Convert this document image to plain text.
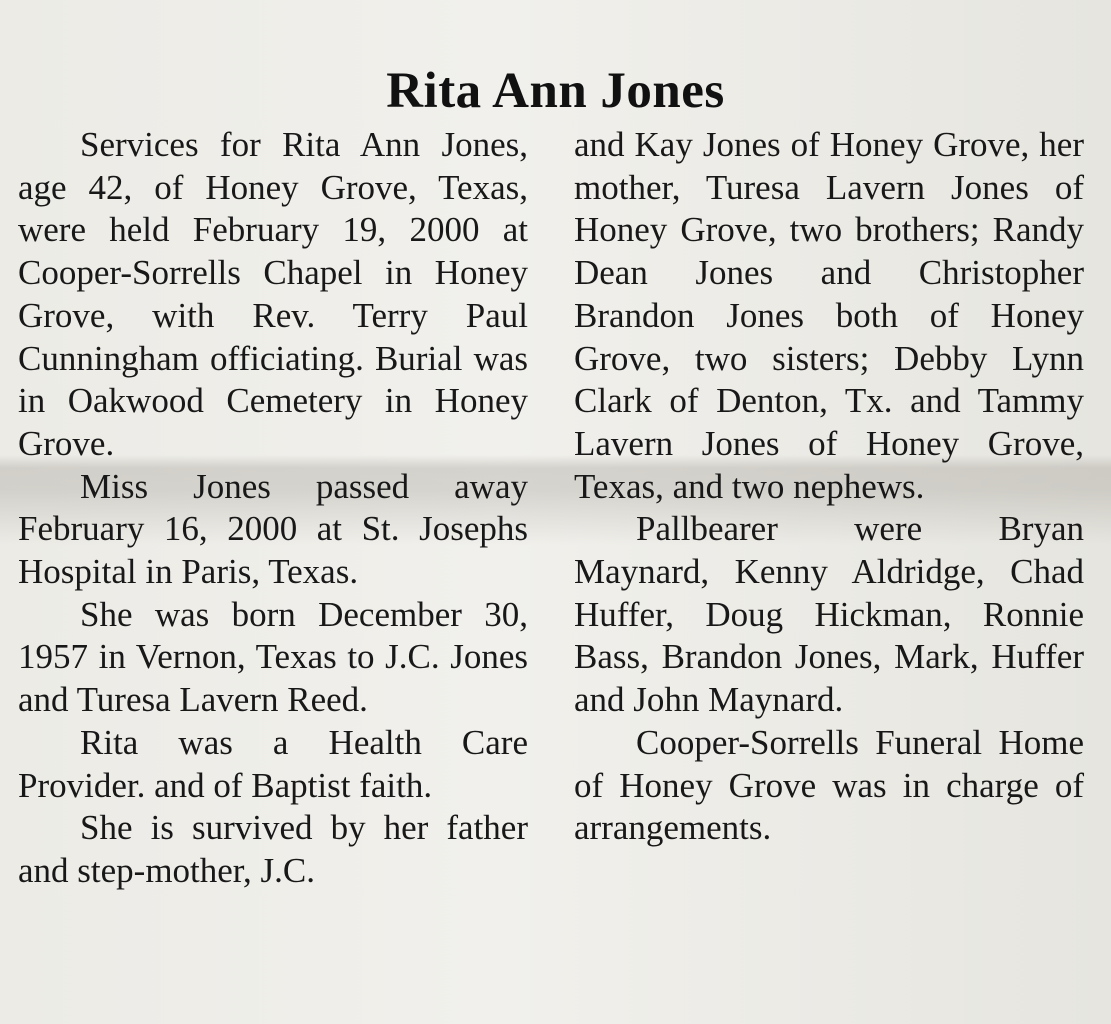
Rita Ann Jones

Services for Rita Ann Jones, age 42, of Honey Grove, Texas, were held February 19, 2000 at Cooper-Sorrells Chapel in Honey Grove, with Rev. Terry Paul Cunningham officiating. Burial was in Oakwood Cemetery in Honey Grove.

Miss Jones passed away February 16, 2000 at St. Josephs Hospital in Paris, Texas.

She was born December 30, 1957 in Vernon, Texas to J.C. Jones and Turesa Lavern Reed.

Rita was a Health Care Provider. and of Baptist faith.

She is survived by her father and step-mother, J.C.

and Kay Jones of Honey Grove, her mother, Turesa Lavern Jones of Honey Grove, two brothers; Randy Dean Jones and Christopher Brandon Jones both of Honey Grove, two sisters; Debby Lynn Clark of Denton, Tx. and Tammy Lavern Jones of Honey Grove, Texas, and two nephews.

Pallbearer were Bryan Maynard, Kenny Aldridge, Chad Huffer, Doug Hickman, Ronnie Bass, Brandon Jones, Mark, Huffer and John Maynard.

Cooper-Sorrells Funeral Home of Honey Grove was in charge of arrangements.
